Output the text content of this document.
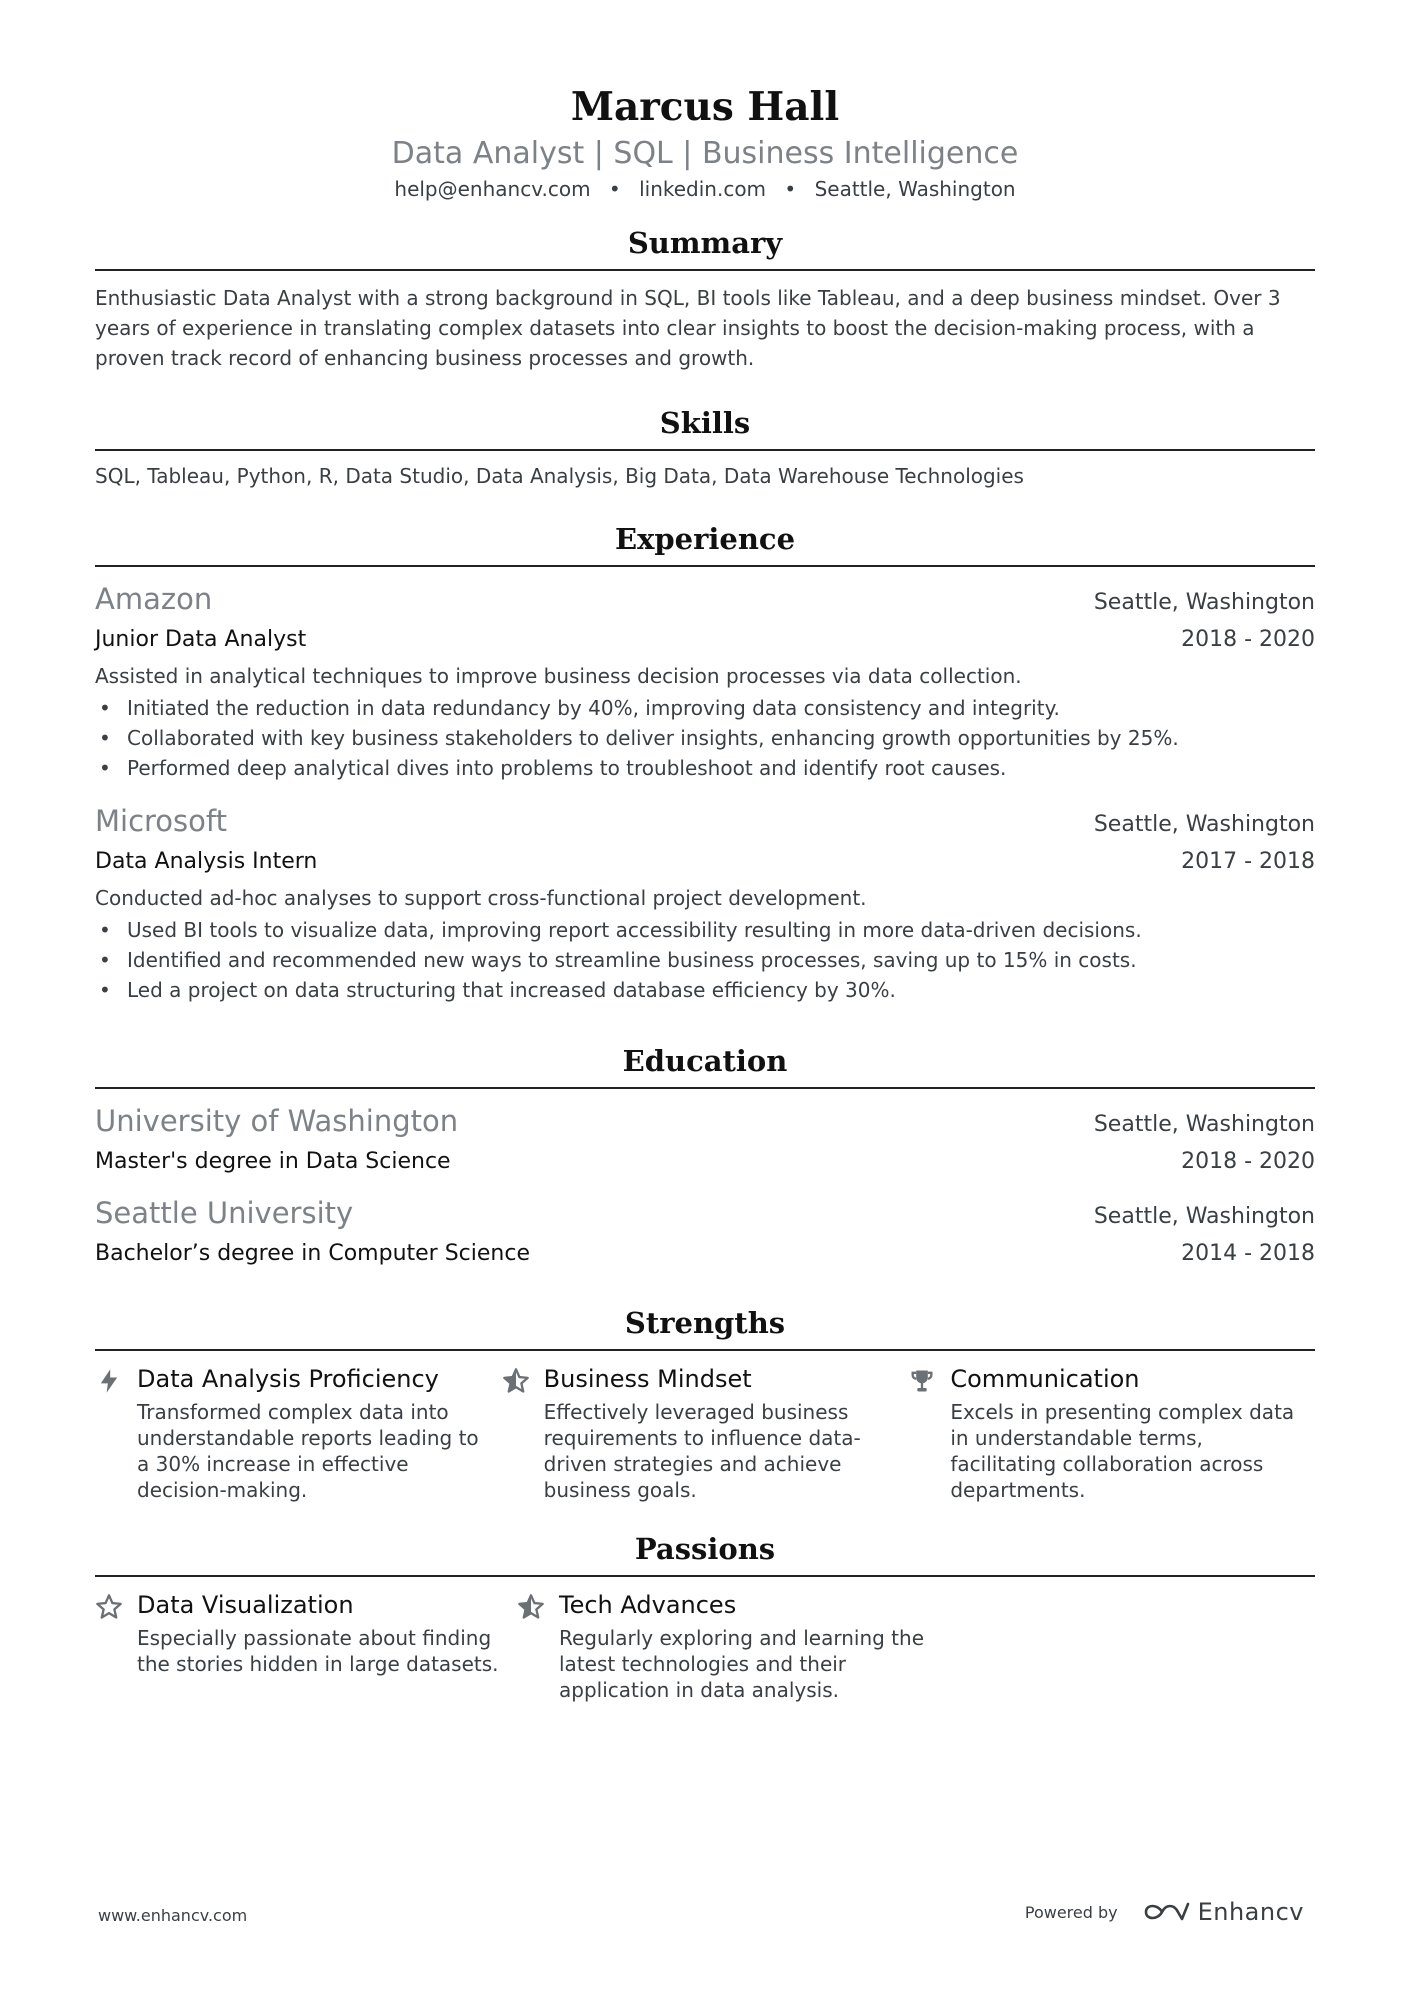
Marcus Hall
Data Analyst | SQL | Business Intelligence
help@enhancv.com • linkedin.com • Seattle, Washington
Summary
Enthusiastic Data Analyst with a strong background in SQL, BI tools like Tableau, and a deep business mindset. Over 3 years of experience in translating complex datasets into clear insights to boost the decision-making process, with a proven track record of enhancing business processes and growth.
Skills
SQL, Tableau, Python, R, Data Studio, Data Analysis, Big Data, Data Warehouse Technologies
Experience
Amazon	Seattle, Washington
Junior Data Analyst	2018 - 2020
Assisted in analytical techniques to improve business decision processes via data collection.
• Initiated the reduction in data redundancy by 40%, improving data consistency and integrity.
• Collaborated with key business stakeholders to deliver insights, enhancing growth opportunities by 25%.
• Performed deep analytical dives into problems to troubleshoot and identify root causes.
Microsoft	Seattle, Washington
Data Analysis Intern	2017 - 2018
Conducted ad-hoc analyses to support cross-functional project development.
• Used BI tools to visualize data, improving report accessibility resulting in more data-driven decisions.
• Identified and recommended new ways to streamline business processes, saving up to 15% in costs.
• Led a project on data structuring that increased database efficiency by 30%.
Education
University of Washington	Seattle, Washington
Master's degree in Data Science	2018 - 2020
Seattle University	Seattle, Washington
Bachelor’s degree in Computer Science	2014 - 2018
Strengths
Data Analysis Proficiency
Transformed complex data into understandable reports leading to a 30% increase in effective decision-making.
Business Mindset
Effectively leveraged business requirements to influence data-driven strategies and achieve business goals.
Communication
Excels in presenting complex data in understandable terms, facilitating collaboration across departments.
Passions
Data Visualization
Especially passionate about finding the stories hidden in large datasets.
Tech Advances
Regularly exploring and learning the latest technologies and their application in data analysis.
www.enhancv.com	Powered by	Enhancv
